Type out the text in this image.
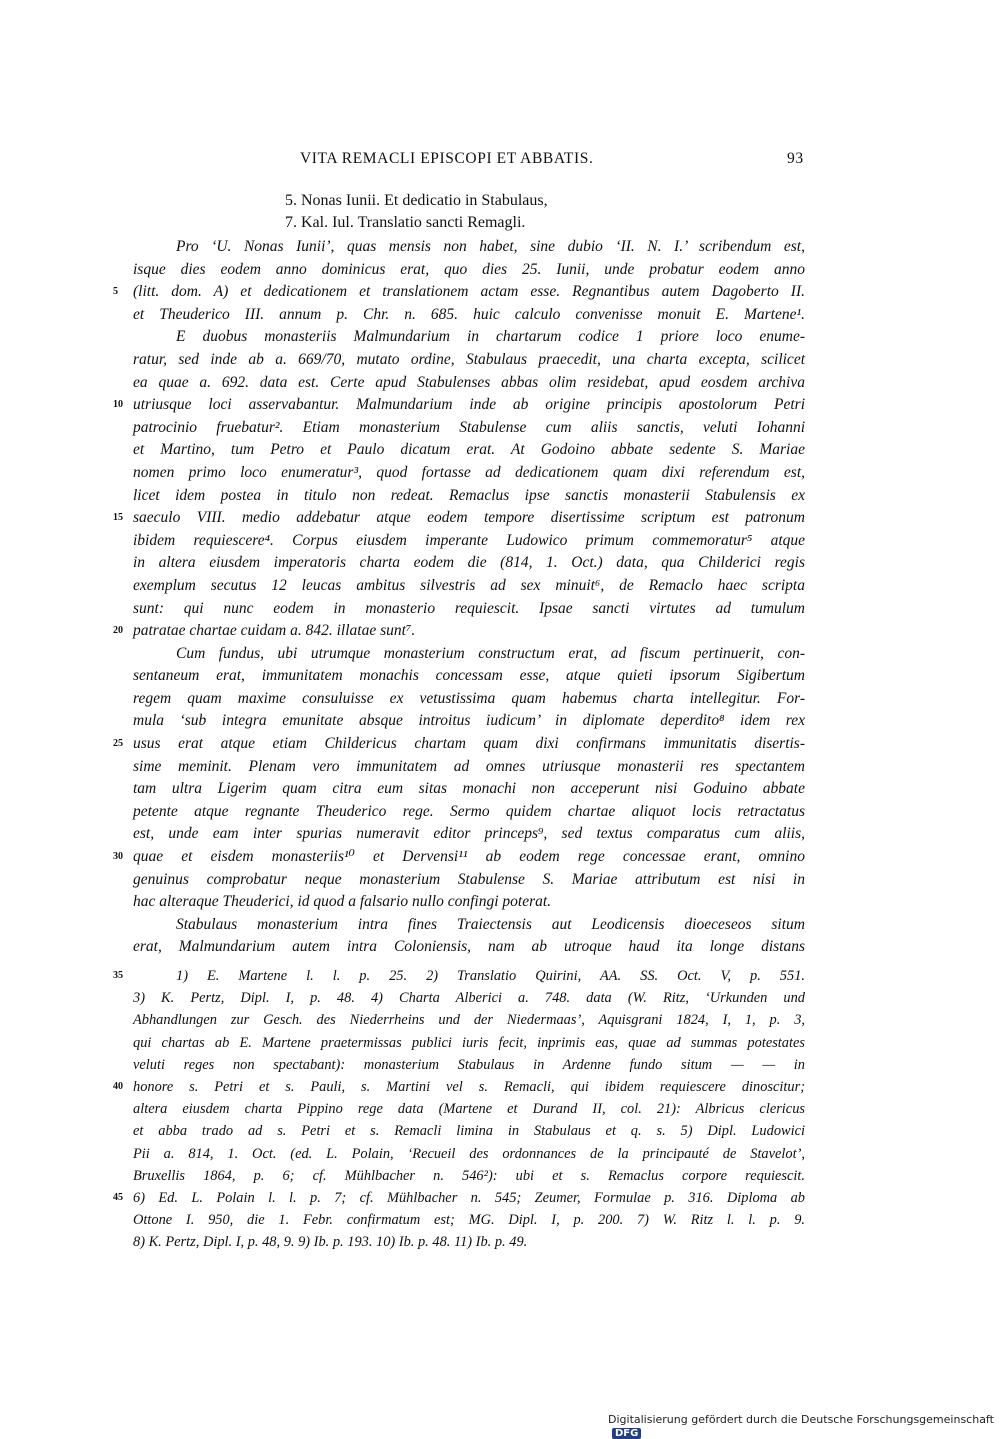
VITA REMACLI EPISCOPI ET ABBATIS.	93
5. Nonas Iunii. Et dedicatio in Stabulaus,
7. Kal. Iul. Translatio sancti Remagli.
Pro ‘U. Nonas Iunii’, quas mensis non habet, sine dubio ‘II. N. I.’ scribendum est,
isque dies eodem anno dominicus erat, quo dies 25. Iunii, unde probatur eodem anno
5 (litt. dom. A) et dedicationem et translationem actam esse. Regnantibus autem Dagoberto II.
et Theuderico III. annum p. Chr. n. 685. huic calculo convenisse monuit E. Martene¹.
E duobus monasteriis Malmundarium in chartarum codice 1 priore loco enume-
ratur, sed inde ab a. 669/70, mutato ordine, Stabulaus praecedit, una charta excepta, scilicet
ea quae a. 692. data est. Certe apud Stabulenses abbas olim residebat, apud eosdem archiva
10 utriusque loci asservabantur. Malmundarium inde ab origine principis apostolorum Petri
patrocinio fruebatur². Etiam monasterium Stabulense cum aliis sanctis, veluti Iohanni
et Martino, tum Petro et Paulo dicatum erat. At Godoino abbate sedente S. Mariae
nomen primo loco enumeratur³, quod fortasse ad dedicationem quam dixi referendum est,
licet idem postea in titulo non redeat. Remaclus ipse sanctis monasterii Stabulensis ex
15 saeculo VIII. medio addebatur atque eodem tempore disertissime scriptum est patronum
ibidem requiescere⁴. Corpus eiusdem imperante Ludowico primum commemoratur⁵ atque
in altera eiusdem imperatoris charta eodem die (814, 1. Oct.) data, qua Childerici regis
exemplum secutus 12 leucas ambitus silvestris ad sex minuit⁶, de Remaclo haec scripta
sunt: qui nunc eodem in monasterio requiescit. Ipsae sancti virtutes ad tumulum
20 patratae chartae cuidam a. 842. illatae sunt⁷.
Cum fundus, ubi utrumque monasterium constructum erat, ad fiscum pertinuerit, con-
sentaneum erat, immunitatem monachis concessam esse, atque quieti ipsorum Sigibertum
regem quam maxime consuluisse ex vetustissima quam habemus charta intellegitur. For-
mula ‘sub integra emunitate absque introitus iudicum’ in diplomate deperdito⁸ idem rex
25 usus erat atque etiam Childericus chartam quam dixi confirmans immunitatis disertis-
sime meminit. Plenam vero immunitatem ad omnes utriusque monasterii res spectantem
tam ultra Ligerim quam citra eum sitas monachi non acceperunt nisi Goduino abbate
petente atque regnante Theuderico rege. Sermo quidem chartae aliquot locis retractatus
est, unde eam inter spurias numeravit editor princeps⁹, sed textus comparatus cum aliis,
30 quae et eisdem monasteriis¹⁰ et Dervensi¹¹ ab eodem rege concessae erant, omnino
genuinus comprobatur neque monasterium Stabulense S. Mariae attributum est nisi in
hac alteraque Theuderici, id quod a falsario nullo confingi poterat.
Stabulaus monasterium intra fines Traiectensis aut Leodicensis dioeceseos situm
erat, Malmundarium autem intra Coloniensis, nam ab utroque haud ita longe distans
35	1) E. Martene l. l. p. 25. 2) Translatio Quirini, AA. SS. Oct. V, p. 551.
3) K. Pertz, Dipl. I, p. 48. 4) Charta Alberici a. 748. data (W. Ritz, ‘Urkunden und
Abhandlungen zur Gesch. des Niederrheins und der Niedermaas’, Aquisgrani 1824, I, 1, p. 3,
qui chartas ab E. Martene praetermissas publici iuris fecit, inprimis eas, quae ad summas potestates
veluti reges non spectabant): monasterium Stabulaus in Ardenne fundo situm — — in
40 honore s. Petri et s. Pauli, s. Martini vel s. Remacli, qui ibidem requiescere dinoscitur;
altera eiusdem charta Pippino rege data (Martene et Durand II, col. 21): Albricus clericus
et abba trado ad s. Petri et s. Remacli limina in Stabulaus et q. s. 5) Dipl. Ludowici
Pii a. 814, 1. Oct. (ed. L. Polain, ‘Recueil des ordonnances de la principauté de Stavelot’,
Bruxellis 1864, p. 6; cf. Mühlbacher n. 546²): ubi et s. Remaclus corpore requiescit.
45 6) Ed. L. Polain l. l. p. 7; cf. Mühlbacher n. 545; Zeumer, Formulae p. 316. Diploma ab
Ottone I. 950, die 1. Febr. confirmatum est; MG. Dipl. I, p. 200. 7) W. Ritz l. l. p. 9.
8) K. Pertz, Dipl. I, p. 48, 9. 9) Ib. p. 193. 10) Ib. p. 48. 11) Ib. p. 49.
Digitalisierung gefördert durch die Deutsche Forschungsgemeinschaft DFG
